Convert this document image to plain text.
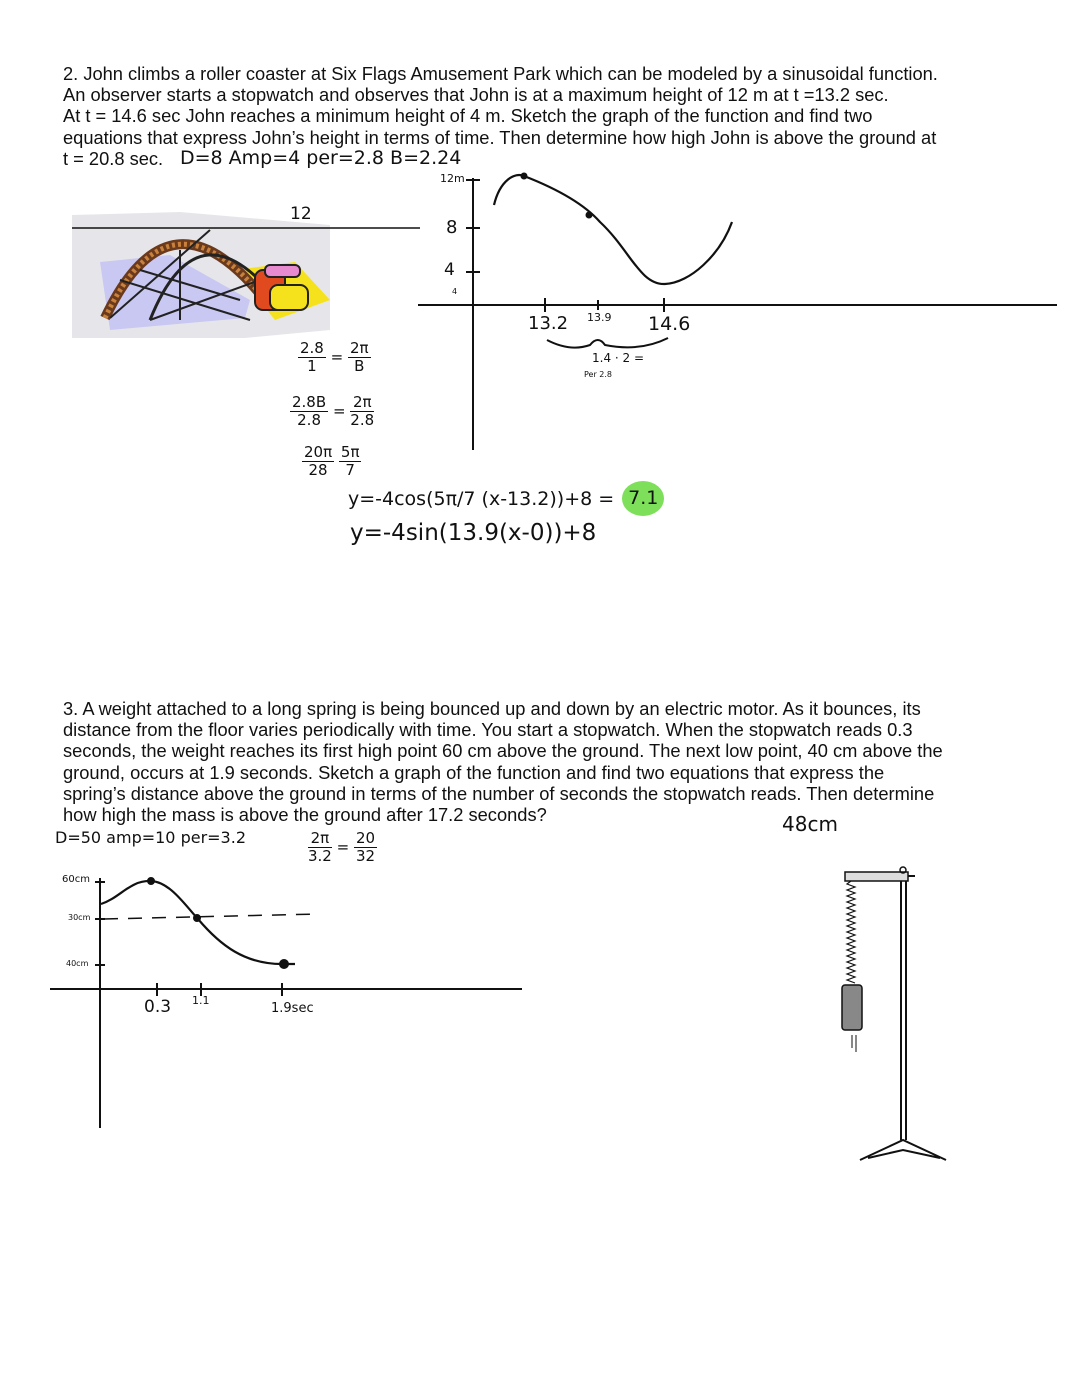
2. John climbs a roller coaster at Six Flags Amusement Park which can be modeled by a sinusoidal function.

An observer starts a stopwatch and observes that John is at a maximum height of 12 m at t =13.2 sec.

At t = 14.6 sec John reaches a minimum height of 4 m. Sketch the graph of the function and find two

equations that express John’s height in terms of time. Then determine how high John is above the ground at

t = 20.8 sec. D=8 Amp=4 per=2.8 B=2.24
12
12m
8
4
4
13.2 13.9 14.6
1.4 · 2 =
Per 2.8
$\frac{2.8}{1} = \frac{2\pi}{B}$
$\frac{2.8B}{2.8} = \frac{2\pi}{2.8}$
$\frac{20\pi}{28}$
$\frac{5\pi}{7}$
y=-4cos(5π/7 (x-13.2))+8 = 7.1
y=-4sin(13.9(x-0))+8

3. A weight attached to a long spring is being bounced up and down by an electric motor. As it bounces, its

distance from the floor varies periodically with time. You start a stopwatch. When the stopwatch reads 0.3

seconds, the weight reaches its first high point 60 cm above the ground. The next low point, 40 cm above the

ground, occurs at 1.9 seconds. Sketch a graph of the function and find two equations that express the

spring’s distance above the ground in terms of the number of seconds the stopwatch reads. Then determine

how high the mass is above the ground after 17.2 seconds?

D=50 amp=10 per=3.2	$\frac{2\pi}{3.2} = \frac{20}{32}$
48cm
60cm
30cm
40cm
0.3 1.1
1.9sec
